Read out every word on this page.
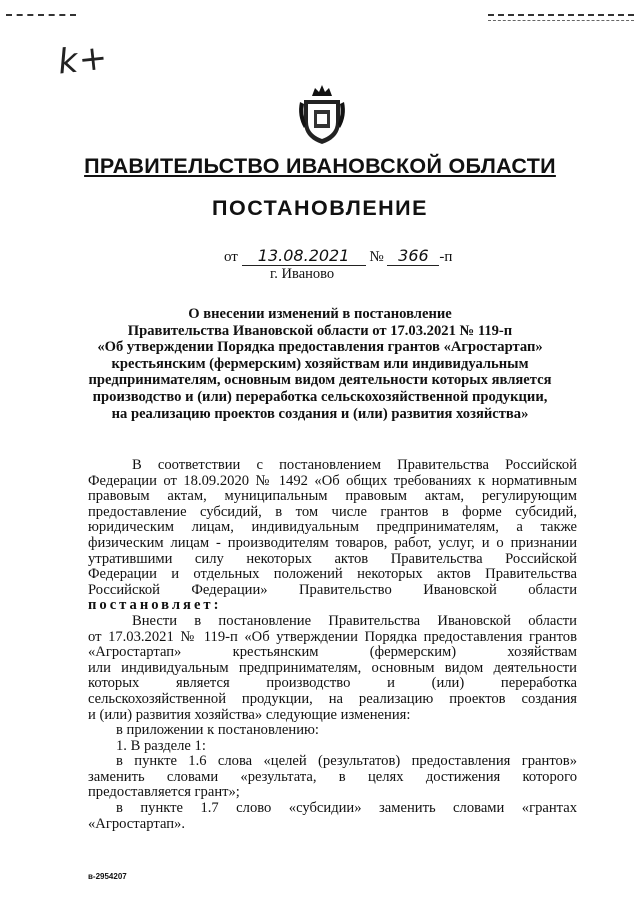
k+
ПРАВИТЕЛЬСТВО ИВАНОВСКОЙ ОБЛАСТИ
ПОСТАНОВЛЕНИЕ
от 13.08.2021 № 366 -п
г. Иваново
О внесении изменений в постановление
Правительства Ивановской области от 17.03.2021 № 119-п
«Об утверждении Порядка предоставления грантов «Агростартап»
крестьянским (фермерским) хозяйствам или индивидуальным
предпринимателям, основным видом деятельности которых является
производство и (или) переработка сельскохозяйственной продукции,
на реализацию проектов создания и (или) развития хозяйства»
В соответствии с постановлением Правительства Российской
Федерации от 18.09.2020 № 1492 «Об общих требованиях к нормативным
правовым актам, муниципальным правовым актам, регулирующим
предоставление субсидий, в том числе грантов в форме субсидий,
юридическим лицам, индивидуальным предпринимателям, а также
физическим лицам - производителям товаров, работ, услуг, и о признании
утратившими силу некоторых актов Правительства Российской
Федерации и отдельных положений некоторых актов Правительства
Российской Федерации» Правительство Ивановской области
постановляет:
Внести в постановление Правительства Ивановской области
от 17.03.2021 № 119-п «Об утверждении Порядка предоставления грантов
«Агростартап» крестьянским (фермерским) хозяйствам
или индивидуальным предпринимателям, основным видом деятельности
которых является производство и (или) переработка
сельскохозяйственной продукции, на реализацию проектов создания
и (или) развития хозяйства» следующие изменения:
в приложении к постановлению:
1. В разделе 1:
в пункте 1.6 слова «целей (результатов) предоставления грантов»
заменить словами «результата, в целях достижения которого
предоставляется грант»;
в пункте 1.7 слово «субсидии» заменить словами «грантах
«Агростартап».
в-2954207
